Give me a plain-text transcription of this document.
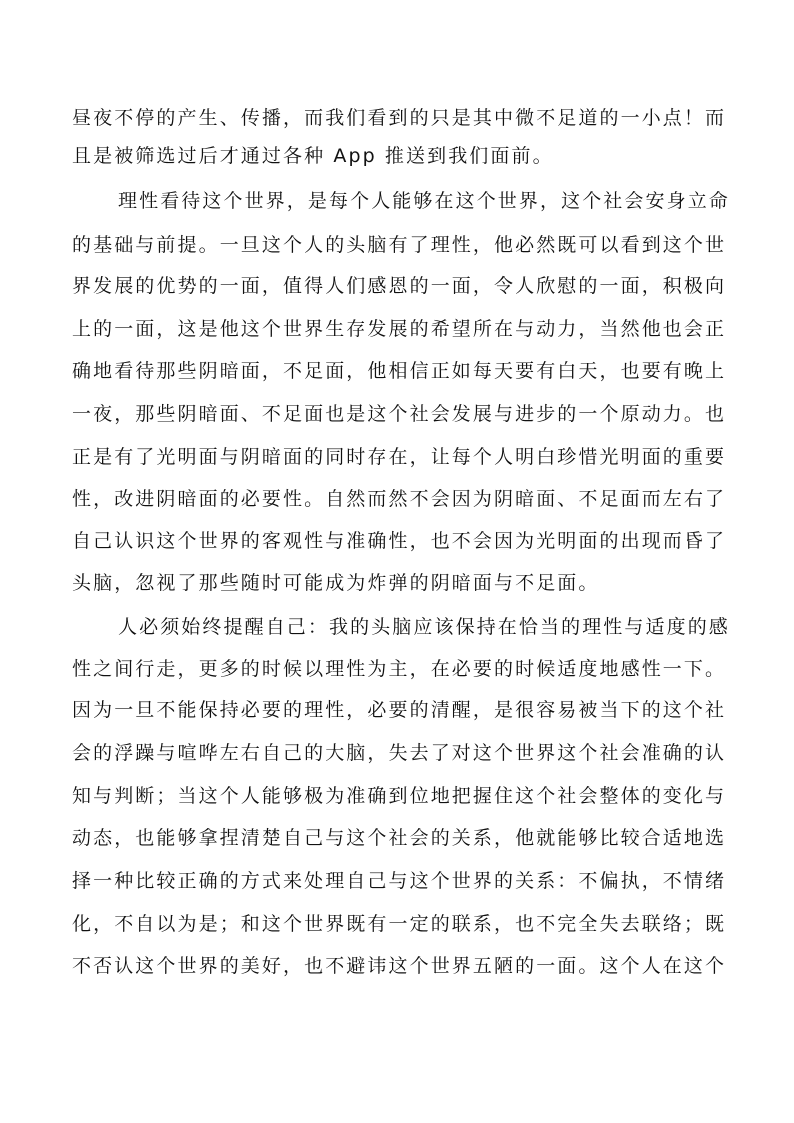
昼夜不停的产生、传播，而我们看到的只是其中微不足道的一小点！而
且是被筛选过后才通过各种 App 推送到我们面前。
理性看待这个世界，是每个人能够在这个世界，这个社会安身立命
的基础与前提。一旦这个人的头脑有了理性，他必然既可以看到这个世
界发展的优势的一面，值得人们感恩的一面，令人欣慰的一面，积极向
上的一面，这是他这个世界生存发展的希望所在与动力，当然他也会正
确地看待那些阴暗面，不足面，他相信正如每天要有白天，也要有晚上
一夜，那些阴暗面、不足面也是这个社会发展与进步的一个原动力。也
正是有了光明面与阴暗面的同时存在，让每个人明白珍惜光明面的重要
性，改进阴暗面的必要性。自然而然不会因为阴暗面、不足面而左右了
自己认识这个世界的客观性与准确性，也不会因为光明面的出现而昏了
头脑，忽视了那些随时可能成为炸弹的阴暗面与不足面。
人必须始终提醒自己：我的头脑应该保持在恰当的理性与适度的感
性之间行走，更多的时候以理性为主，在必要的时候适度地感性一下。
因为一旦不能保持必要的理性，必要的清醒，是很容易被当下的这个社
会的浮躁与喧哗左右自己的大脑，失去了对这个世界这个社会准确的认
知与判断；当这个人能够极为准确到位地把握住这个社会整体的变化与
动态，也能够拿捏清楚自己与这个社会的关系，他就能够比较合适地选
择一种比较正确的方式来处理自己与这个世界的关系：不偏执，不情绪
化，不自以为是；和这个世界既有一定的联系，也不完全失去联络；既
不否认这个世界的美好，也不避讳这个世界五陋的一面。这个人在这个
